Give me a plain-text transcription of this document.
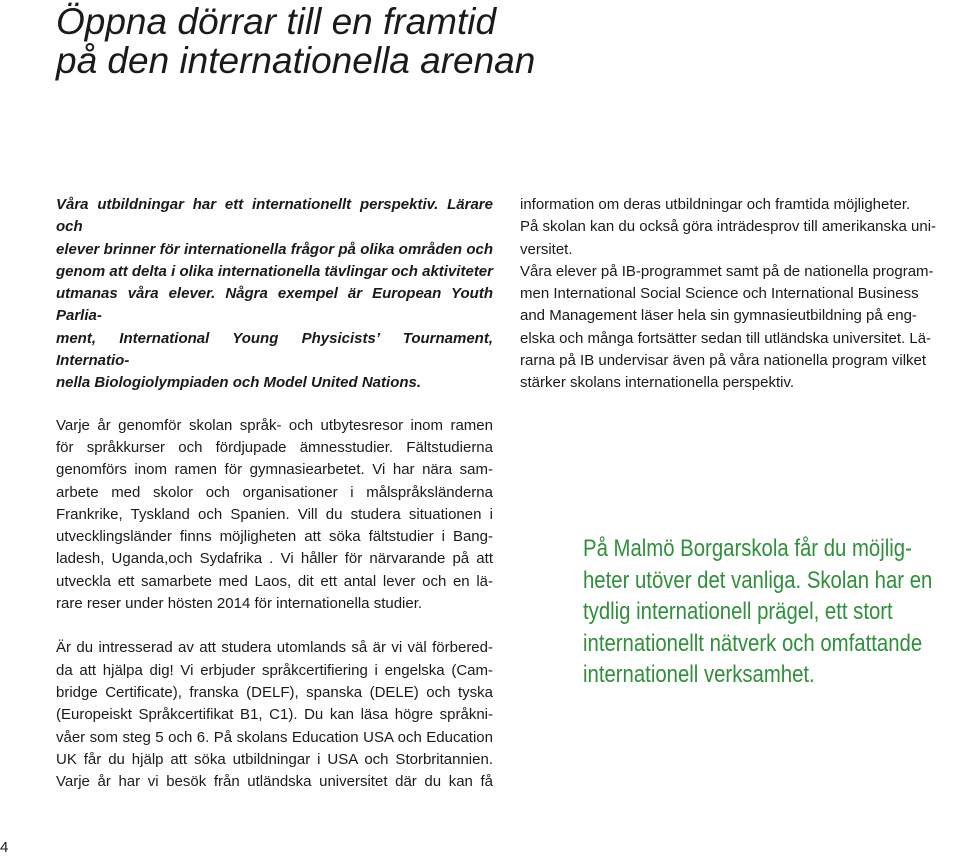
Öppna dörrar till en framtid
på den internationella arenan
Våra utbildningar har ett internationellt perspektiv. Lärare och
elever brinner för internationella frågor på olika områden och
genom att delta i olika internationella tävlingar och aktiviteter
utmanas våra elever. Några exempel är European Youth Parlia-
ment, International Young Physicists’ Tournament, Internatio-
nella Biologiolympiaden och Model United Nations.
Varje år genomför skolan språk- och utbytesresor inom ramen
för språkkurser och fördjupade ämnesstudier. Fältstudierna
genomförs inom ramen för gymnasiearbetet. Vi har nära sam-
arbete med skolor och organisationer i målspråksländerna
Frankrike, Tyskland och Spanien. Vill du studera situationen i
utvecklingsländer finns möjligheten att söka fältstudier i Bang-
ladesh, Uganda,och Sydafrika . Vi håller för närvarande på att
utveckla ett samarbete med Laos, dit ett antal lever och en lä-
rare reser under hösten 2014 för internationella studier.
Är du intresserad av att studera utomlands så är vi väl förbered-
da att hjälpa dig! Vi erbjuder språkcertifiering i engelska (Cam-
bridge Certificate), franska (DELF), spanska (DELE) och tyska
(Europeiskt Språkcertifikat B1, C1). Du kan läsa högre språkni-
våer som steg 5 och 6. På skolans Education USA och Education
UK får du hjälp att söka utbildningar i USA och Storbritannien.
Varje år har vi besök från utländska universitet där du kan få
information om deras utbildningar och framtida möjligheter.
På skolan kan du också göra inträdesprov till amerikanska uni-
versitet.
Våra elever på IB-programmet samt på de nationella program-
men International Social Science och International Business
and Management läser hela sin gymnasieutbildning på eng-
elska och många fortsätter sedan till utländska universitet. Lä-
rarna på IB undervisar även på våra nationella program vilket
stärker skolans internationella perspektiv.
På Malmö Borgarskola får du möjlig-
heter utöver det vanliga. Skolan har en
tydlig internationell prägel, ett stort
internationellt nätverk och omfattande
internationell verksamhet.
4
